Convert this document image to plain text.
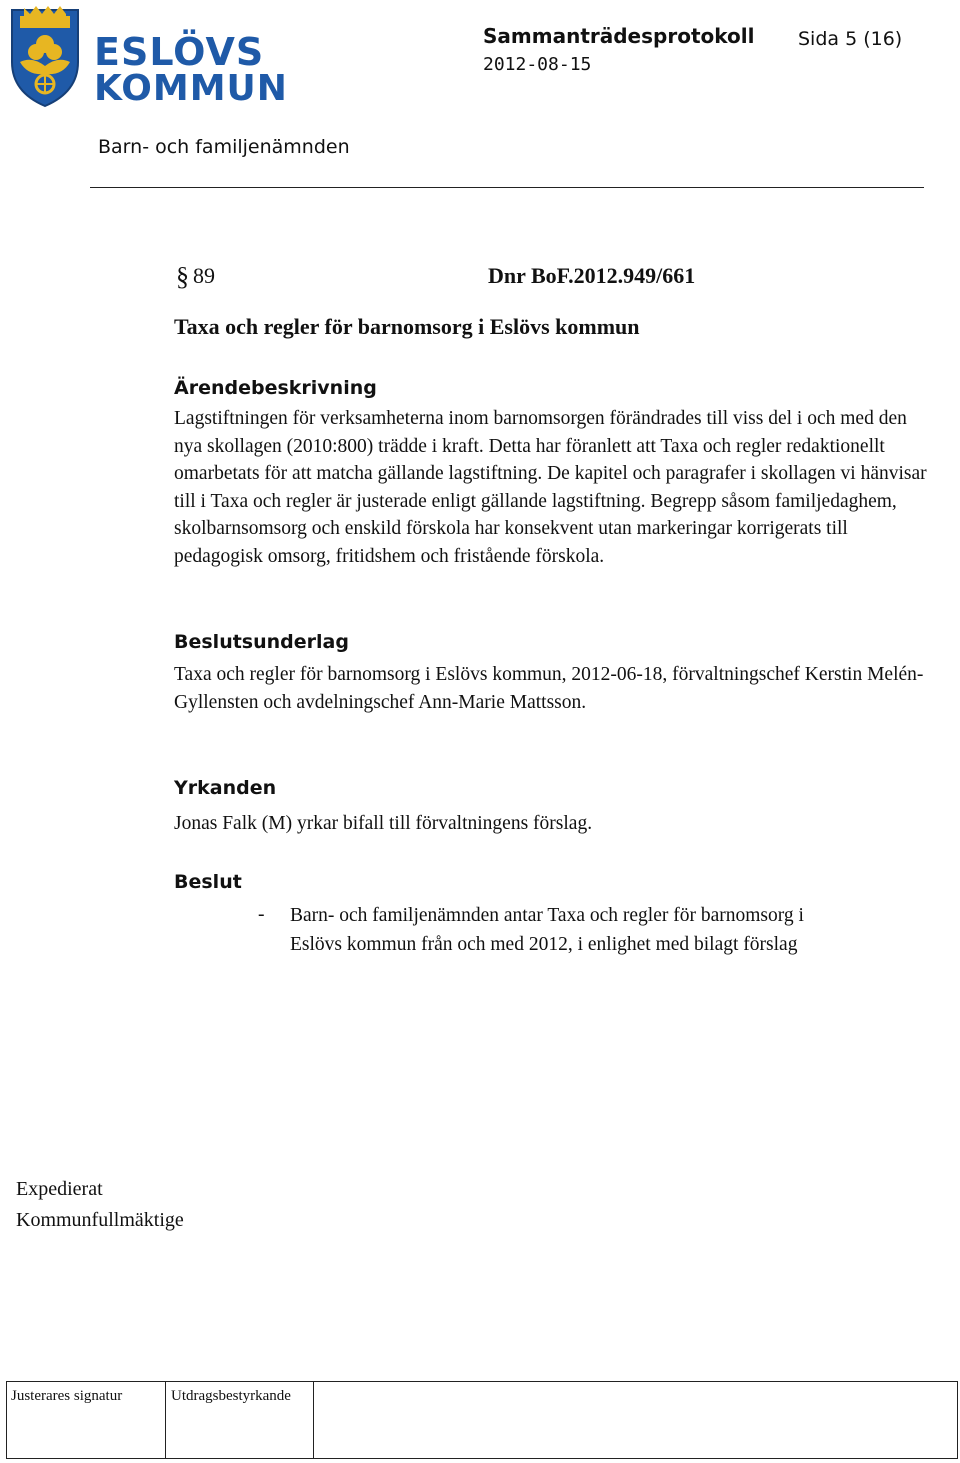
ESLÖVS
KOMMUN
Sammanträdesprotokoll Sida 5 (16)
2012-08-15
Barn- och familjenämnden
§ 89	Dnr BoF.2012.949/661
Taxa och regler för barnomsorg i Eslövs kommun
Ärendebeskrivning
Lagstiftningen för verksamheterna inom barnomsorgen förändrades till viss del i och med den nya skollagen (2010:800) trädde i kraft. Detta har föranlett att Taxa och regler redaktionellt omarbetats för att matcha gällande lagstiftning. De kapitel och paragrafer i skollagen vi hänvisar till i Taxa och regler är justerade enligt gällande lagstiftning. Begrepp såsom familjedaghem, skolbarnsomsorg och enskild förskola har konsekvent utan markeringar korrigerats till pedagogisk omsorg, fritidshem och fristående förskola.
Beslutsunderlag
Taxa och regler för barnomsorg i Eslövs kommun, 2012-06-18, förvaltningschef Kerstin Melén-Gyllensten och avdelningschef Ann-Marie Mattsson.
Yrkanden
Jonas Falk (M) yrkar bifall till förvaltningens förslag.
Beslut
- Barn- och familjenämnden antar Taxa och regler för barnomsorg i Eslövs kommun från och med 2012, i enlighet med bilagt förslag
Expedierat
Kommunfullmäktige
Justerares signatur	Utdragsbestyrkande
